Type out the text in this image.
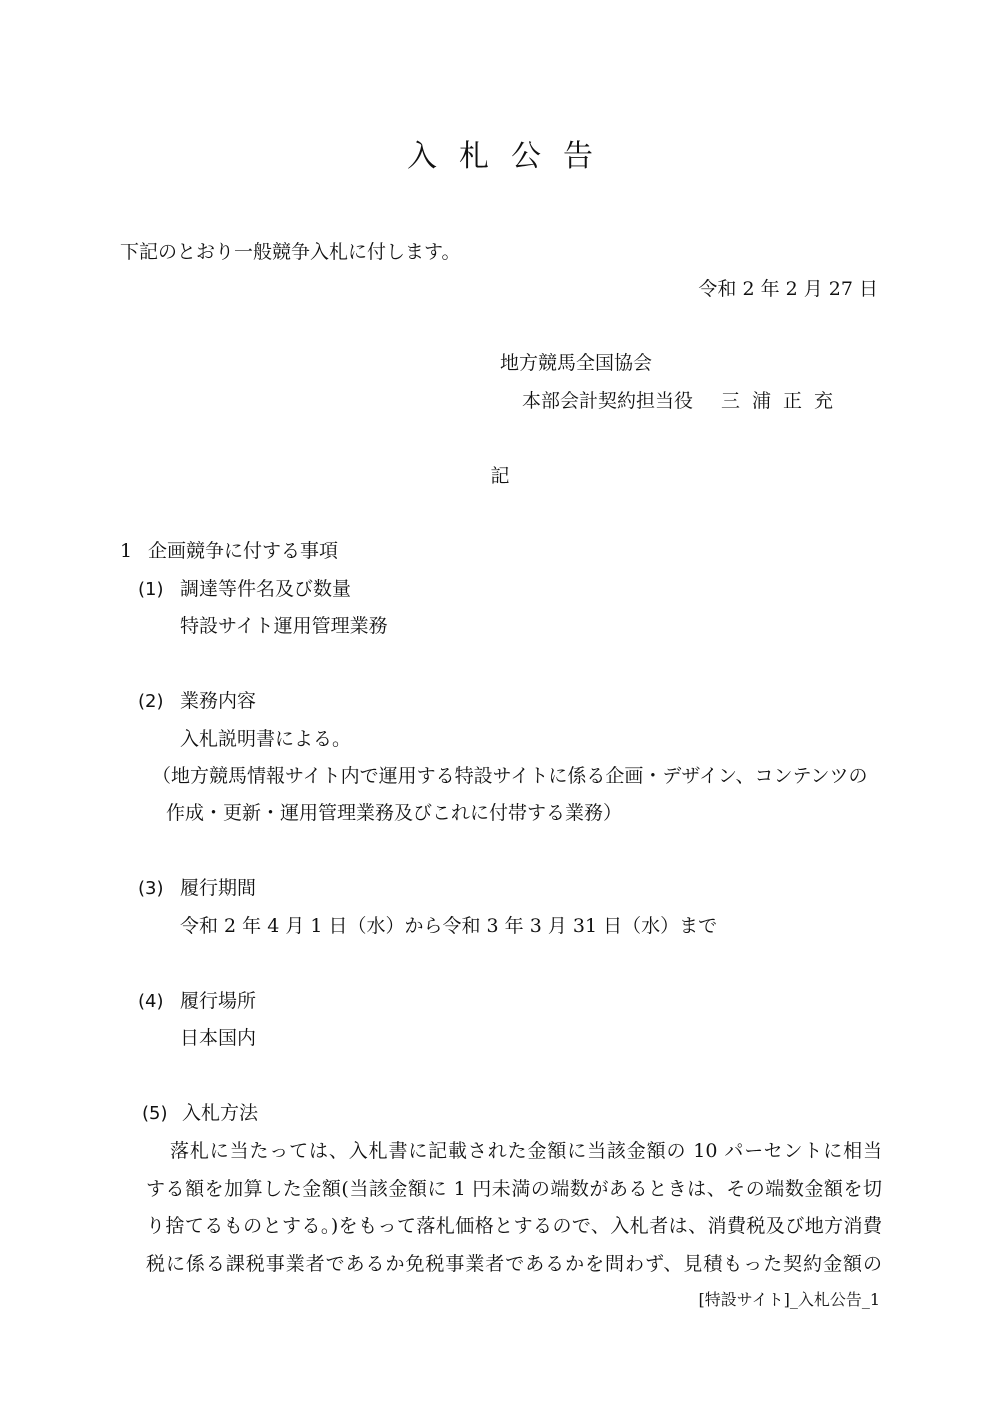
入札公告
下記のとおり一般競争入札に付します。
令和 2 年 2 月 27 日
地方競馬全国協会
本部会計契約担当役 三浦正充
記
1 企画競争に付する事項
(1) 調達等件名及び数量
特設サイト運用管理業務
(2) 業務内容
入札説明書による。
（地方競馬情報サイト内で運用する特設サイトに係る企画・デザイン、コンテンツの
作成・更新・運用管理業務及びこれに付帯する業務）
(3) 履行期間
令和 2 年 4 月 1 日（水）から令和 3 年 3 月 31 日（水）まで
(4) 履行場所
日本国内
(5) 入札方法
落札に当たっては、入札書に記載された金額に当該金額の 10 パーセントに相当
する額を加算した金額(当該金額に 1 円未満の端数があるときは、その端数金額を切
り捨てるものとする。)をもって落札価格とするので、入札者は、消費税及び地方消費
税に係る課税事業者であるか免税事業者であるかを問わず、見積もった契約金額の
[特設サイト]_入札公告_1
